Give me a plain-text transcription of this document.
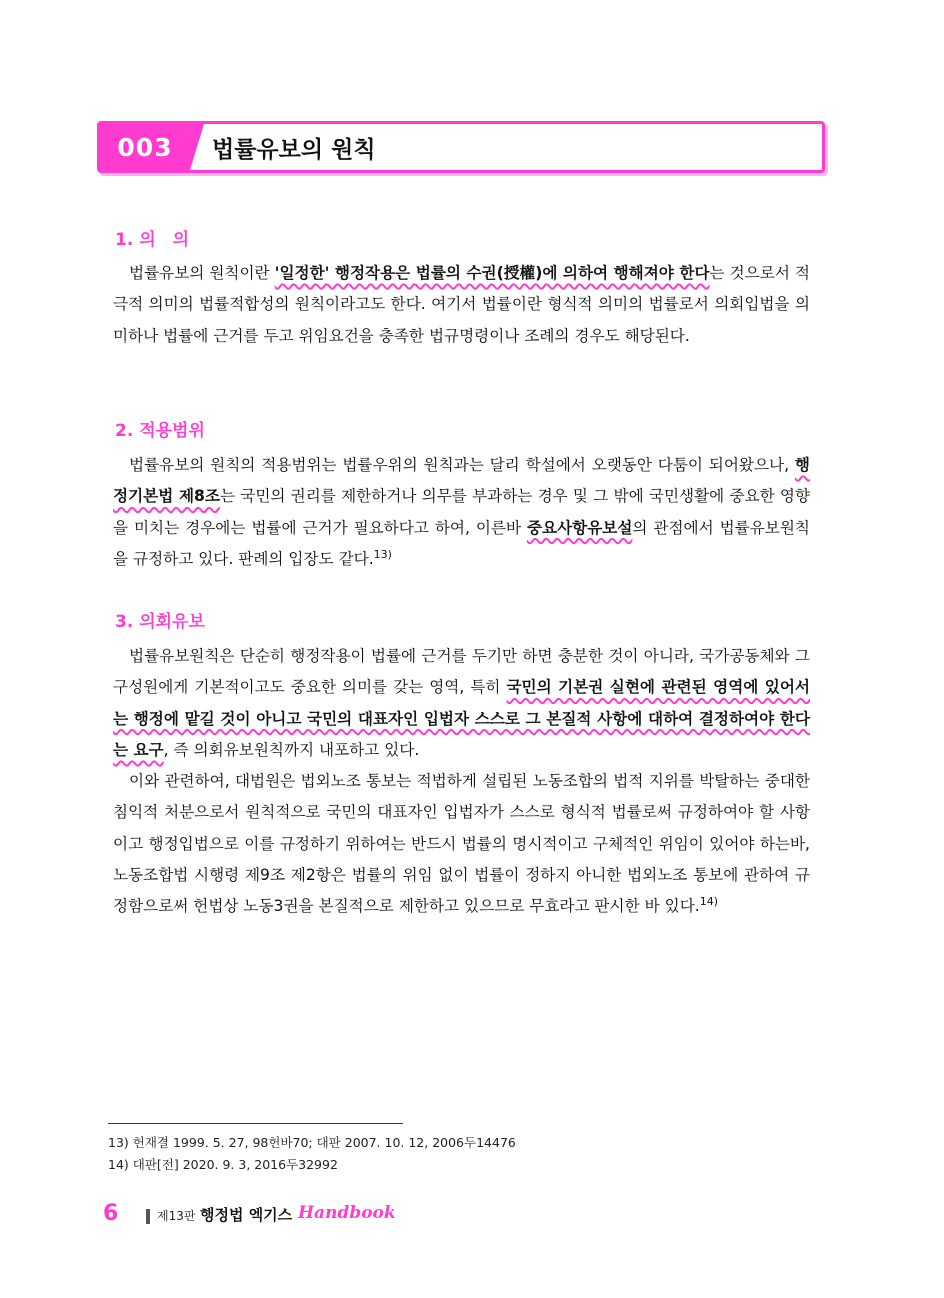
003	법률유보의 원칙
1. 의　의

법률유보의 원칙이란 '일정한' 행정작용은 법률의 수권(授權)에 의하여 행해져야 한다는 것으로서 적극적 의미의 법률적합성의 원칙이라고도 한다. 여기서 법률이란 형식적 의미의 법률로서 의회입법을 의미하나 법률에 근거를 두고 위임요건을 충족한 법규명령이나 조례의 경우도 해당된다.

2. 적용범위

법률유보의 원칙의 적용범위는 법률우위의 원칙과는 달리 학설에서 오랫동안 다툼이 되어왔으나, 행정기본법 제8조는 국민의 권리를 제한하거나 의무를 부과하는 경우 및 그 밖에 국민생활에 중요한 영향을 미치는 경우에는 법률에 근거가 필요하다고 하여, 이른바 중요사항유보설의 관점에서 법률유보원칙을 규정하고 있다. 판례의 입장도 같다.$^{13)}$

3. 의회유보

법률유보원칙은 단순히 행정작용이 법률에 근거를 두기만 하면 충분한 것이 아니라, 국가공동체와 그 구성원에게 기본적이고도 중요한 의미를 갖는 영역, 특히 국민의 기본권 실현에 관련된 영역에 있어서는 행정에 맡길 것이 아니고 국민의 대표자인 입법자 스스로 그 본질적 사항에 대하여 결정하여야 한다는 요구, 즉 의회유보원칙까지 내포하고 있다.

이와 관련하여, 대법원은 법외노조 통보는 적법하게 설립된 노동조합의 법적 지위를 박탈하는 중대한 침익적 처분으로서 원칙적으로 국민의 대표자인 입법자가 스스로 형식적 법률로써 규정하여야 할 사항이고 행정입법으로 이를 규정하기 위하여는 반드시 법률의 명시적이고 구체적인 위임이 있어야 하는바, 노동조합법 시행령 제9조 제2항은 법률의 위임 없이 법률이 정하지 아니한 법외노조 통보에 관하여 규정함으로써 헌법상 노동3권을 본질적으로 제한하고 있으므로 무효라고 판시한 바 있다.$^{14)}$

13) 헌재결 1999. 5. 27, 98헌바70; 대판 2007. 10. 12, 2006두14476
14) 대판[전] 2020. 9. 3, 2016두32992
6	제13판 행정법 엑기스 Handbook
